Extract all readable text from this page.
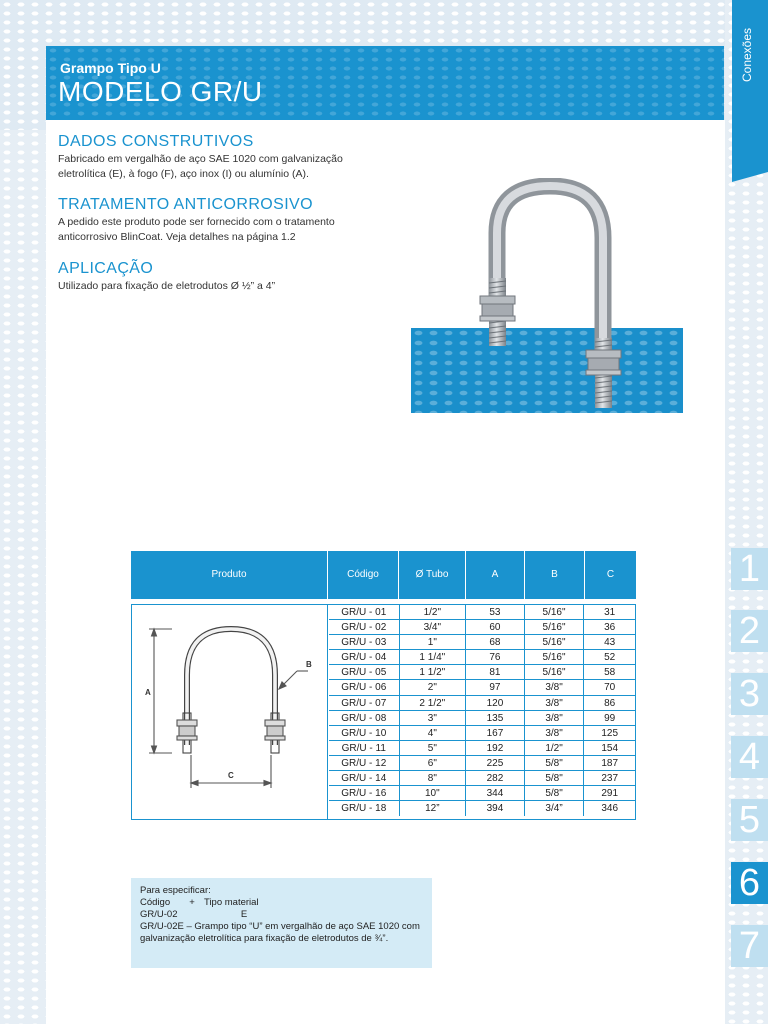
Grampo Tipo U
MODELO GR/U
Conexões
1
2
3
4
5
6
7
DADOS CONSTRUTIVOS
Fabricado em vergalhão de aço SAE 1020 com galvanização eletrolítica (E), à fogo (F), aço inox (I) ou alumínio (A).
TRATAMENTO ANTICORROSIVO
A pedido este produto pode ser fornecido com o tratamento anticorrosivo BlinCoat. Veja detalhes na página 1.2
APLICAÇÃO
Utilizado para fixação de eletrodutos Ø ½” a 4”
Produto	Código	Ø Tubo	A	B	C
A
B
C
GR/U - 01	1/2"	53	5/16"	31
GR/U - 02	3/4"	60	5/16"	36
GR/U - 03	1"	68	5/16"	43
GR/U - 04	1 1/4"	76	5/16"	52
GR/U - 05	1 1/2"	81	5/16"	58
GR/U - 06	2"	97	3/8"	70
GR/U - 07	2 1/2"	120	3/8"	86
GR/U - 08	3"	135	3/8"	99
GR/U - 10	4"	167	3/8"	125
GR/U - 11	5"	192	1/2"	154
GR/U - 12	6"	225	5/8"	187
GR/U - 14	8"	282	5/8"	237
GR/U - 16	10"	344	5/8"	291
GR/U - 18	12”	394	3/4”	346
Para especificar:
Código	+ Tipo material
GR/U-02	E
GR/U-02E – Grampo tipo “U” em vergalhão de aço SAE 1020 com galvanização eletrolítica para fixação de eletrodutos de ¾”.
